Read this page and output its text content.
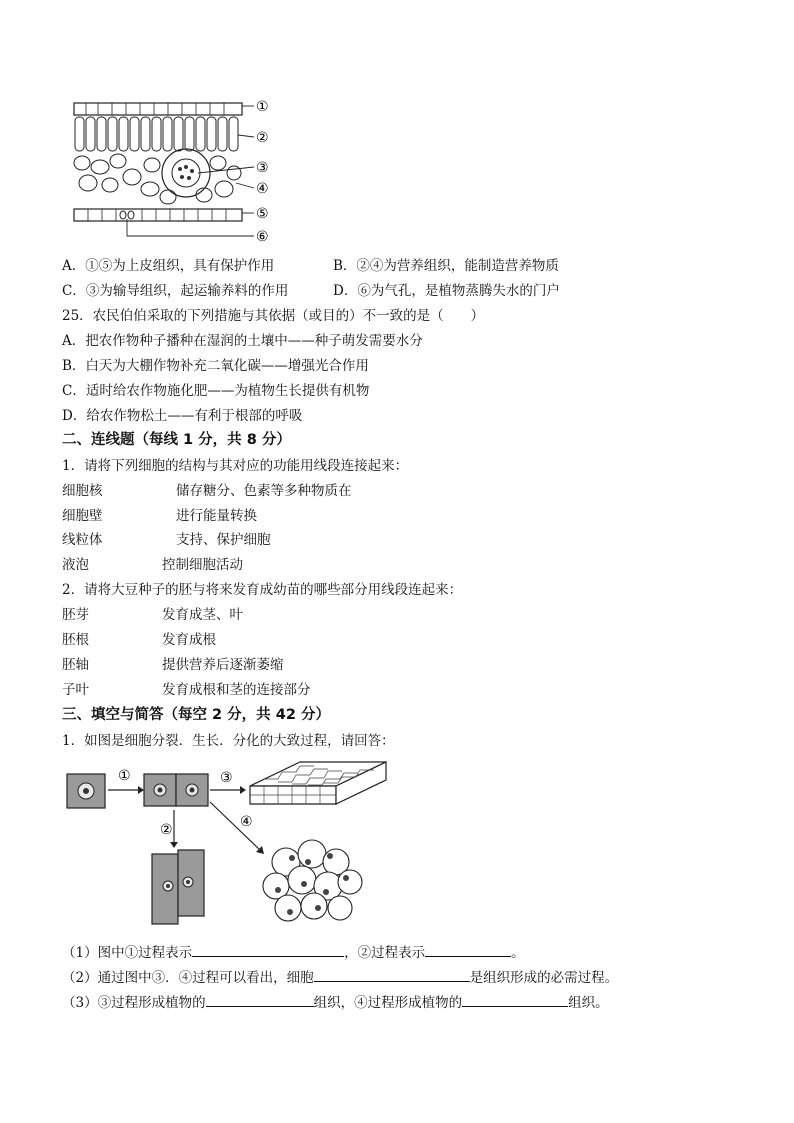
①
②
③
④
⑤
⑥
A．①⑤为上皮组织，具有保护作用	B．②④为营养组织，能制造营养物质
C．③为输导组织，起运输养料的作用	D．⑥为气孔，是植物蒸腾失水的门户
25．农民伯伯采取的下列措施与其依据（或目的）不一致的是（　　）
A．把农作物种子播种在湿润的土壤中——种子萌发需要水分
B．白天为大棚作物补充二氧化碳——增强光合作用
C．适时给农作物施化肥——为植物生长提供有机物
D．给农作物松土——有利于根部的呼吸
二、连线题（每线 1 分，共 8 分）
1．请将下列细胞的结构与其对应的功能用线段连接起来：
细胞核	储存糖分、色素等多种物质在
细胞壁	进行能量转换
线粒体	支持、保护细胞
液泡	控制细胞活动
2．请将大豆种子的胚与将来发育成幼苗的哪些部分用线段连起来：
胚芽	发育成茎、叶
胚根	发育成根
胚轴	提供营养后逐渐萎缩
子叶	发育成根和茎的连接部分
三、填空与简答（每空 2 分，共 42 分）
1．如图是细胞分裂．生长．分化的大致过程，请回答：
①
②
③
④
（1）图中①过程表示	，②过程表示	。
（2）通过图中③．④过程可以看出，细胞	是组织形成的必需过程。
（3）③过程形成植物的	组织，④过程形成植物的	组织。
